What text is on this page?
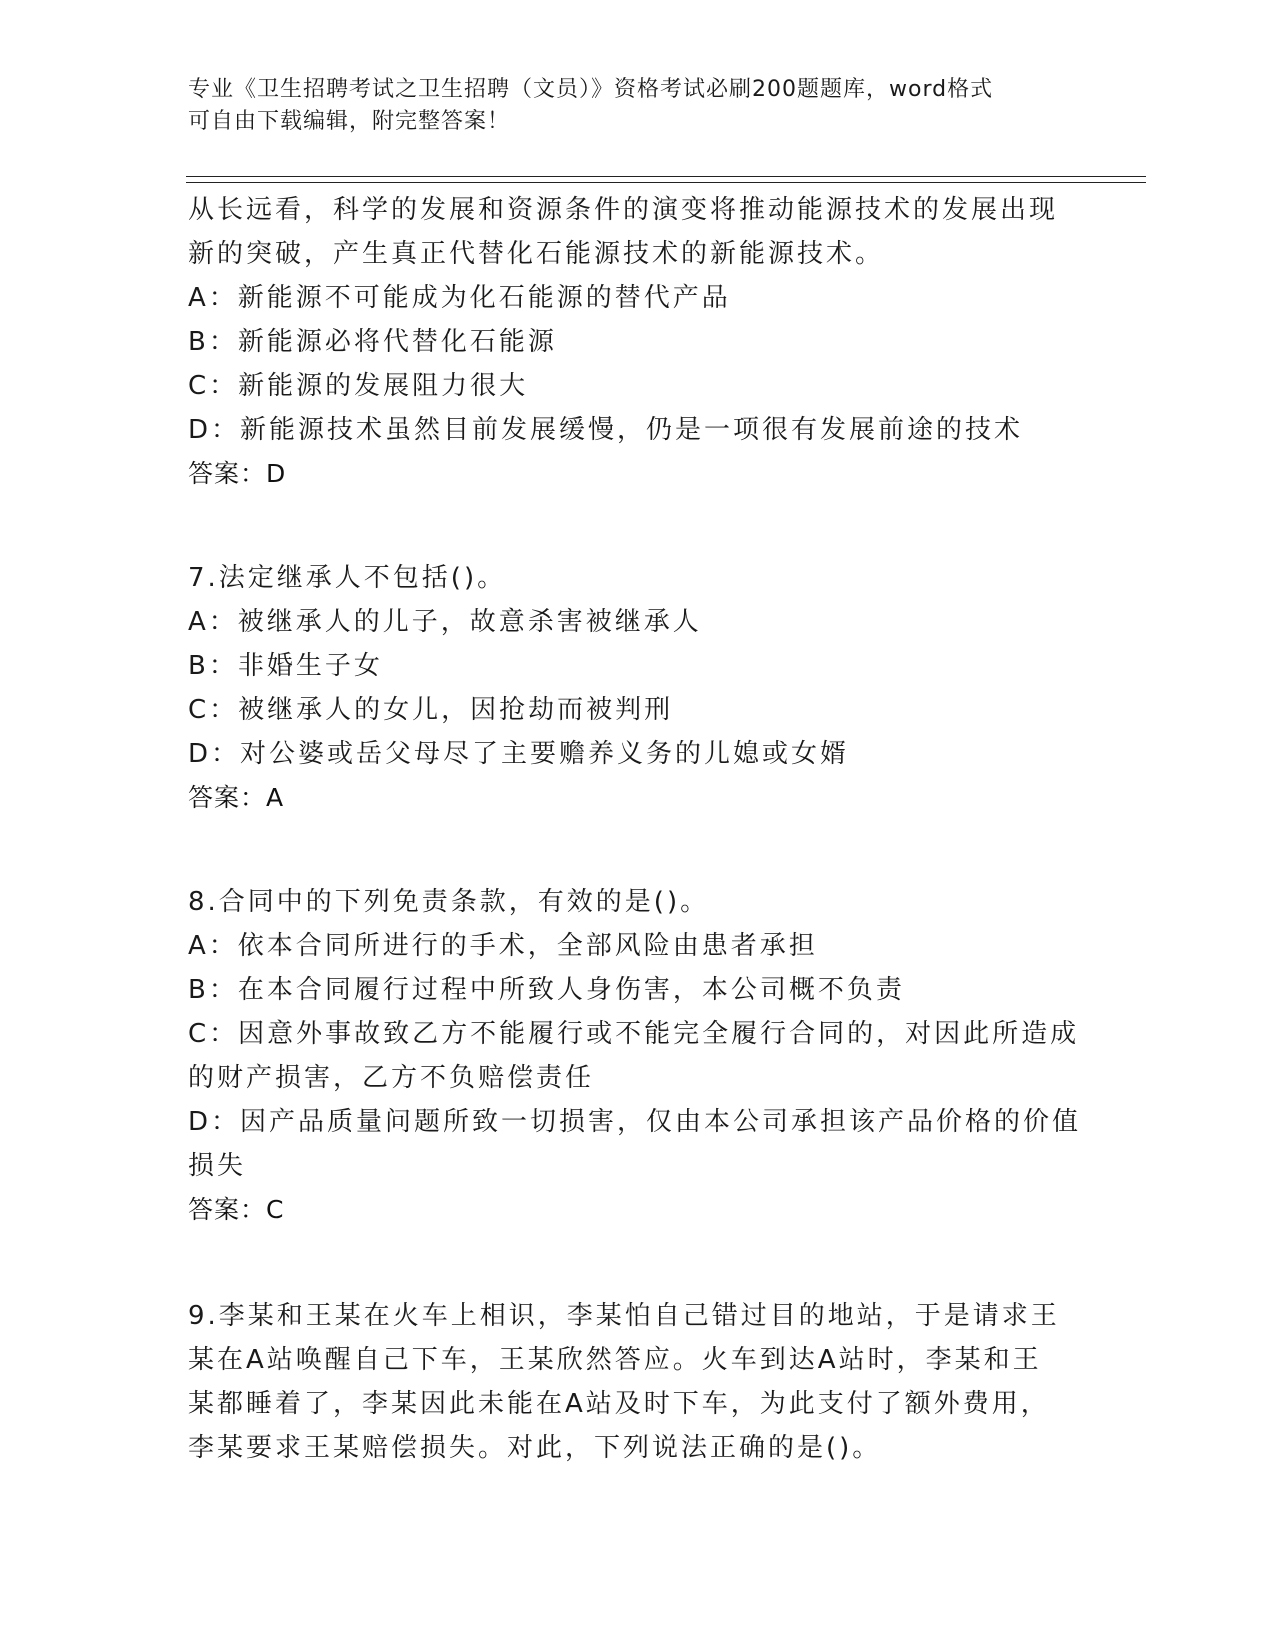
专业《卫生招聘考试之卫生招聘（文员）》资格考试必刷200题题库，word格式
可自由下载编辑，附完整答案！
从长远看，科学的发展和资源条件的演变将推动能源技术的发展出现
新的突破，产生真正代替化石能源技术的新能源技术。
A：新能源不可能成为化石能源的替代产品
B：新能源必将代替化石能源
C：新能源的发展阻力很大
D：新能源技术虽然目前发展缓慢，仍是一项很有发展前途的技术
答案：D
7.法定继承人不包括()。
A：被继承人的儿子，故意杀害被继承人
B：非婚生子女
C：被继承人的女儿，因抢劫而被判刑
D：对公婆或岳父母尽了主要赡养义务的儿媳或女婿
答案：A
8.合同中的下列免责条款，有效的是()。
A：依本合同所进行的手术，全部风险由患者承担
B：在本合同履行过程中所致人身伤害，本公司概不负责
C：因意外事故致乙方不能履行或不能完全履行合同的，对因此所造成
的财产损害，乙方不负赔偿责任
D：因产品质量问题所致一切损害，仅由本公司承担该产品价格的价值
损失
答案：C
9.李某和王某在火车上相识，李某怕自己错过目的地站，于是请求王
某在A站唤醒自己下车，王某欣然答应。火车到达A站时，李某和王
某都睡着了，李某因此未能在A站及时下车，为此支付了额外费用，
李某要求王某赔偿损失。对此，下列说法正确的是()。
